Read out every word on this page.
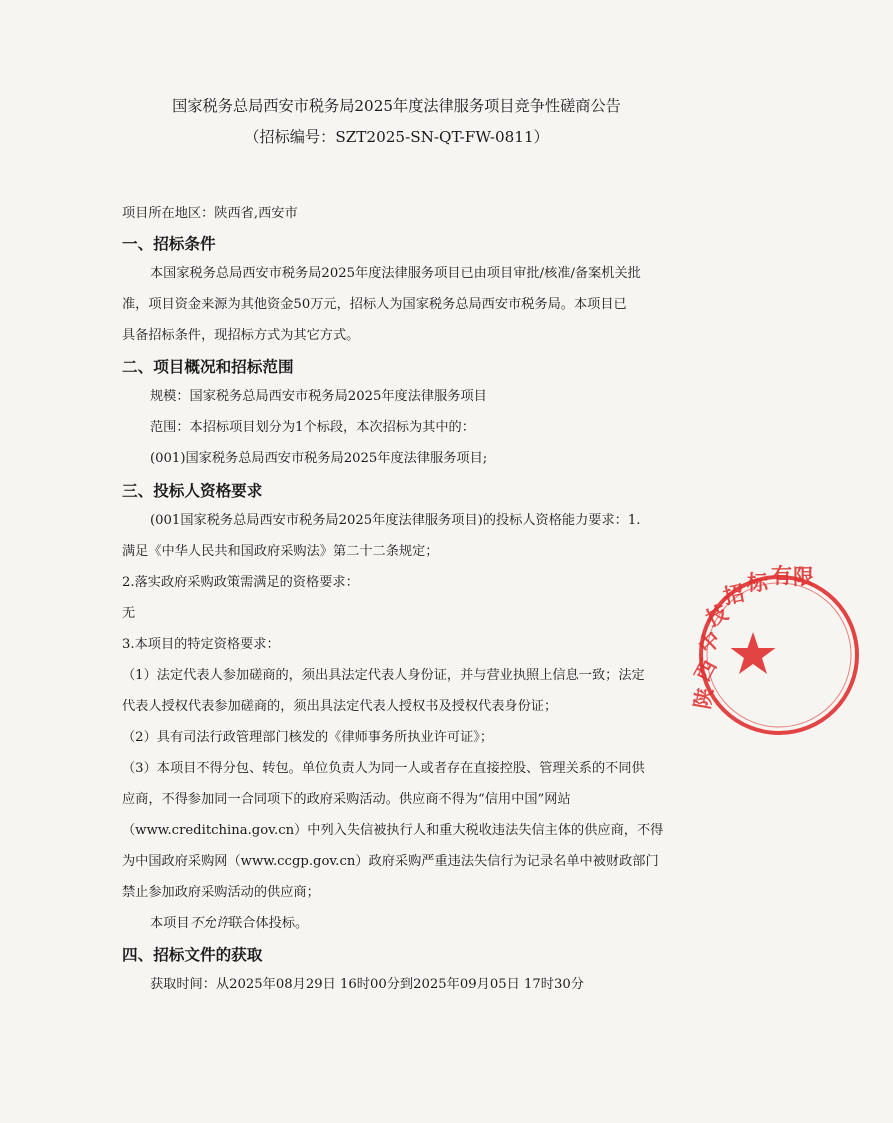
国家税务总局西安市税务局2025年度法律服务项目竞争性磋商公告
（招标编号：SZT2025-SN-QT-FW-0811）
项目所在地区：陕西省,西安市
一、招标条件
本国家税务总局西安市税务局2025年度法律服务项目已由项目审批/核准/备案机关批
准，项目资金来源为其他资金50万元，招标人为国家税务总局西安市税务局。本项目已
具备招标条件，现招标方式为其它方式。
二、项目概况和招标范围
规模：国家税务总局西安市税务局2025年度法律服务项目
范围：本招标项目划分为1个标段，本次招标为其中的：
(001)国家税务总局西安市税务局2025年度法律服务项目;
三、投标人资格要求
(001国家税务总局西安市税务局2025年度法律服务项目)的投标人资格能力要求：1.
满足《中华人民共和国政府采购法》第二十二条规定；
2.落实政府采购政策需满足的资格要求：
无
3.本项目的特定资格要求：
（1）法定代表人参加磋商的，须出具法定代表人身份证，并与营业执照上信息一致；法定
代表人授权代表参加磋商的，须出具法定代表人授权书及授权代表身份证；
（2）具有司法行政管理部门核发的《律师事务所执业许可证》；
（3）本项目不得分包、转包。单位负责人为同一人或者存在直接控股、管理关系的不同供
应商，不得参加同一合同项下的政府采购活动。供应商不得为“信用中国”网站
（www.creditchina.gov.cn）中列入失信被执行人和重大税收违法失信主体的供应商，不得
为中国政府采购网（www.ccgp.gov.cn）政府采购严重违法失信行为记录名单中被财政部门
禁止参加政府采购活动的供应商；
本项目不允许联合体投标。
四、招标文件的获取
获取时间：从2025年08月29日 16时00分到2025年09月05日 17时30分
陕
西
中
技
招 标 有 限
